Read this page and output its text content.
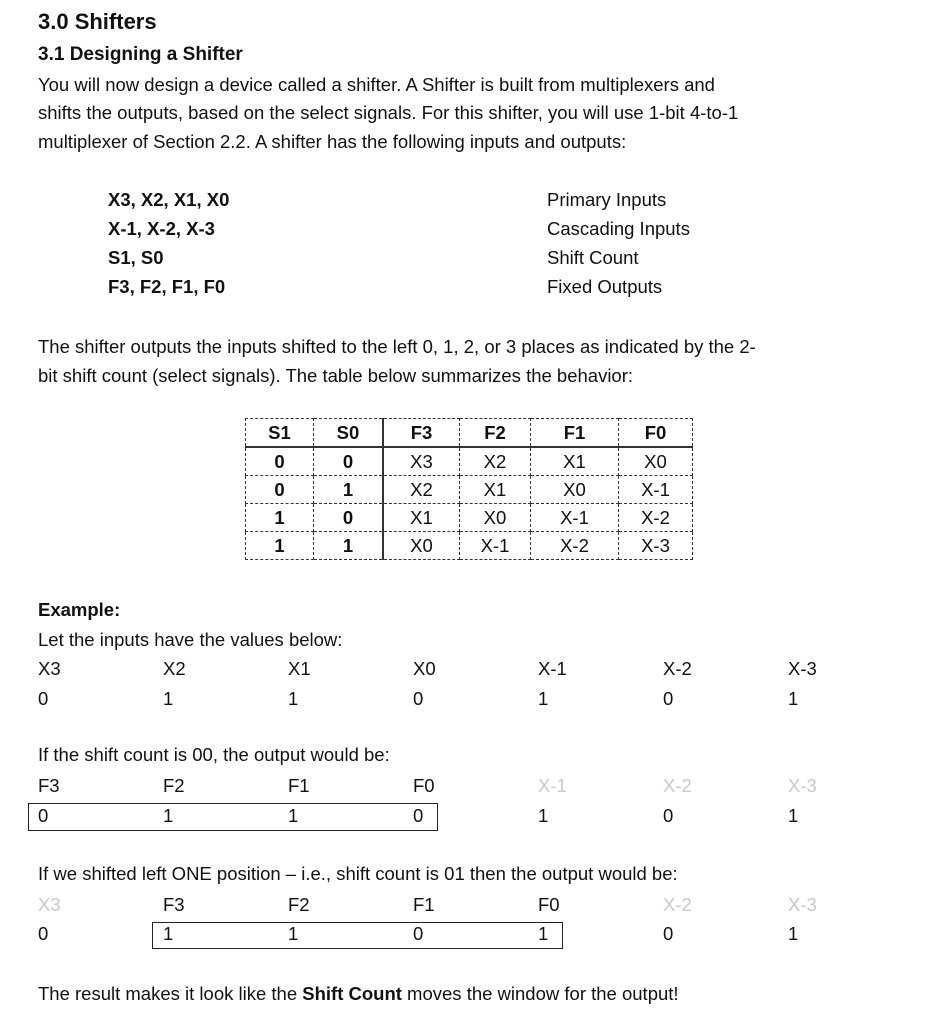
3.0 Shifters
3.1 Designing a Shifter
You will now design a device called a shifter. A Shifter is built from multiplexers and
shifts the outputs, based on the select signals. For this shifter, you will use 1-bit 4-to-1
multiplexer of Section 2.2. A shifter has the following inputs and outputs:
X3, X2, X1, X0	Primary Inputs
X-1, X-2, X-3	Cascading Inputs
S1, S0	Shift Count
F3, F2, F1, F0	Fixed Outputs
The shifter outputs the inputs shifted to the left 0, 1, 2, or 3 places as indicated by the 2-
bit shift count (select signals). The table below summarizes the behavior:
S1	S0	F3	F2	F1	F0
0	0	X3	X2	X1	X0
0	1	X2	X1	X0	X-1
1	0	X1	X0	X-1	X-2
1	1	X0	X-1	X-2	X-3
Example:
Let the inputs have the values below:
X3	X2	X1	X0	X-1	X-2	X-3
0	1	1	0	1	0	1
F3	F2	F1	F0	X-1	X-2	X-3
0	1	1	0	1	0	1
X3	F3	F2	F1	F0	X-2	X-3
0	1	1	0	1	0	1
If the shift count is 00, the output would be:
If we shifted left ONE position – i.e., shift count is 01 then the output would be:
The result makes it look like the Shift Count moves the window for the output!
